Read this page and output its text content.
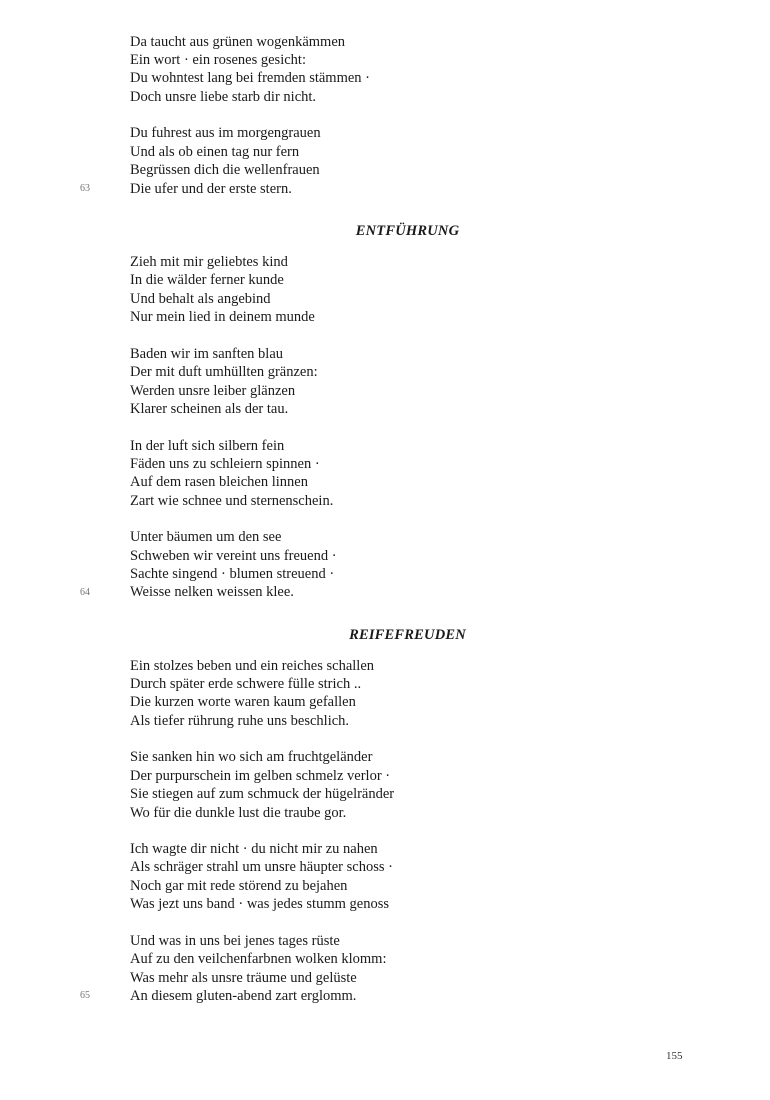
Da taucht aus grünen wogenkämmen
Ein wort · ein rosenes gesicht:
Du wohntest lang bei fremden stämmen ·
Doch unsre liebe starb dir nicht.
Du fuhrest aus im morgengrauen
Und als ob einen tag nur fern
Begrüssen dich die wellenfrauen
Die ufer und der erste stern.
63
ENTFÜHRUNG
Zieh mit mir geliebtes kind
In die wälder ferner kunde
Und behalt als angebind
Nur mein lied in deinem munde
Baden wir im sanften blau
Der mit duft umhüllten gränzen:
Werden unsre leiber glänzen
Klarer scheinen als der tau.
In der luft sich silbern fein
Fäden uns zu schleiern spinnen ·
Auf dem rasen bleichen linnen
Zart wie schnee und sternenschein.
Unter bäumen um den see
Schweben wir vereint uns freuend ·
Sachte singend · blumen streuend ·
Weisse nelken weissen klee.
64
REIFEFREUDEN
Ein stolzes beben und ein reiches schallen
Durch später erde schwere fülle strich ..
Die kurzen worte waren kaum gefallen
Als tiefer rührung ruhe uns beschlich.
Sie sanken hin wo sich am fruchtgeländer
Der purpurschein im gelben schmelz verlor ·
Sie stiegen auf zum schmuck der hügelränder
Wo für die dunkle lust die traube gor.
Ich wagte dir nicht · du nicht mir zu nahen
Als schräger strahl um unsre häupter schoss ·
Noch gar mit rede störend zu bejahen
Was jezt uns band · was jedes stumm genoss
Und was in uns bei jenes tages rüste
Auf zu den veilchenfarbnen wolken klomm:
Was mehr als unsre träume und gelüste
An diesem gluten-abend zart erglomm.
65
155
